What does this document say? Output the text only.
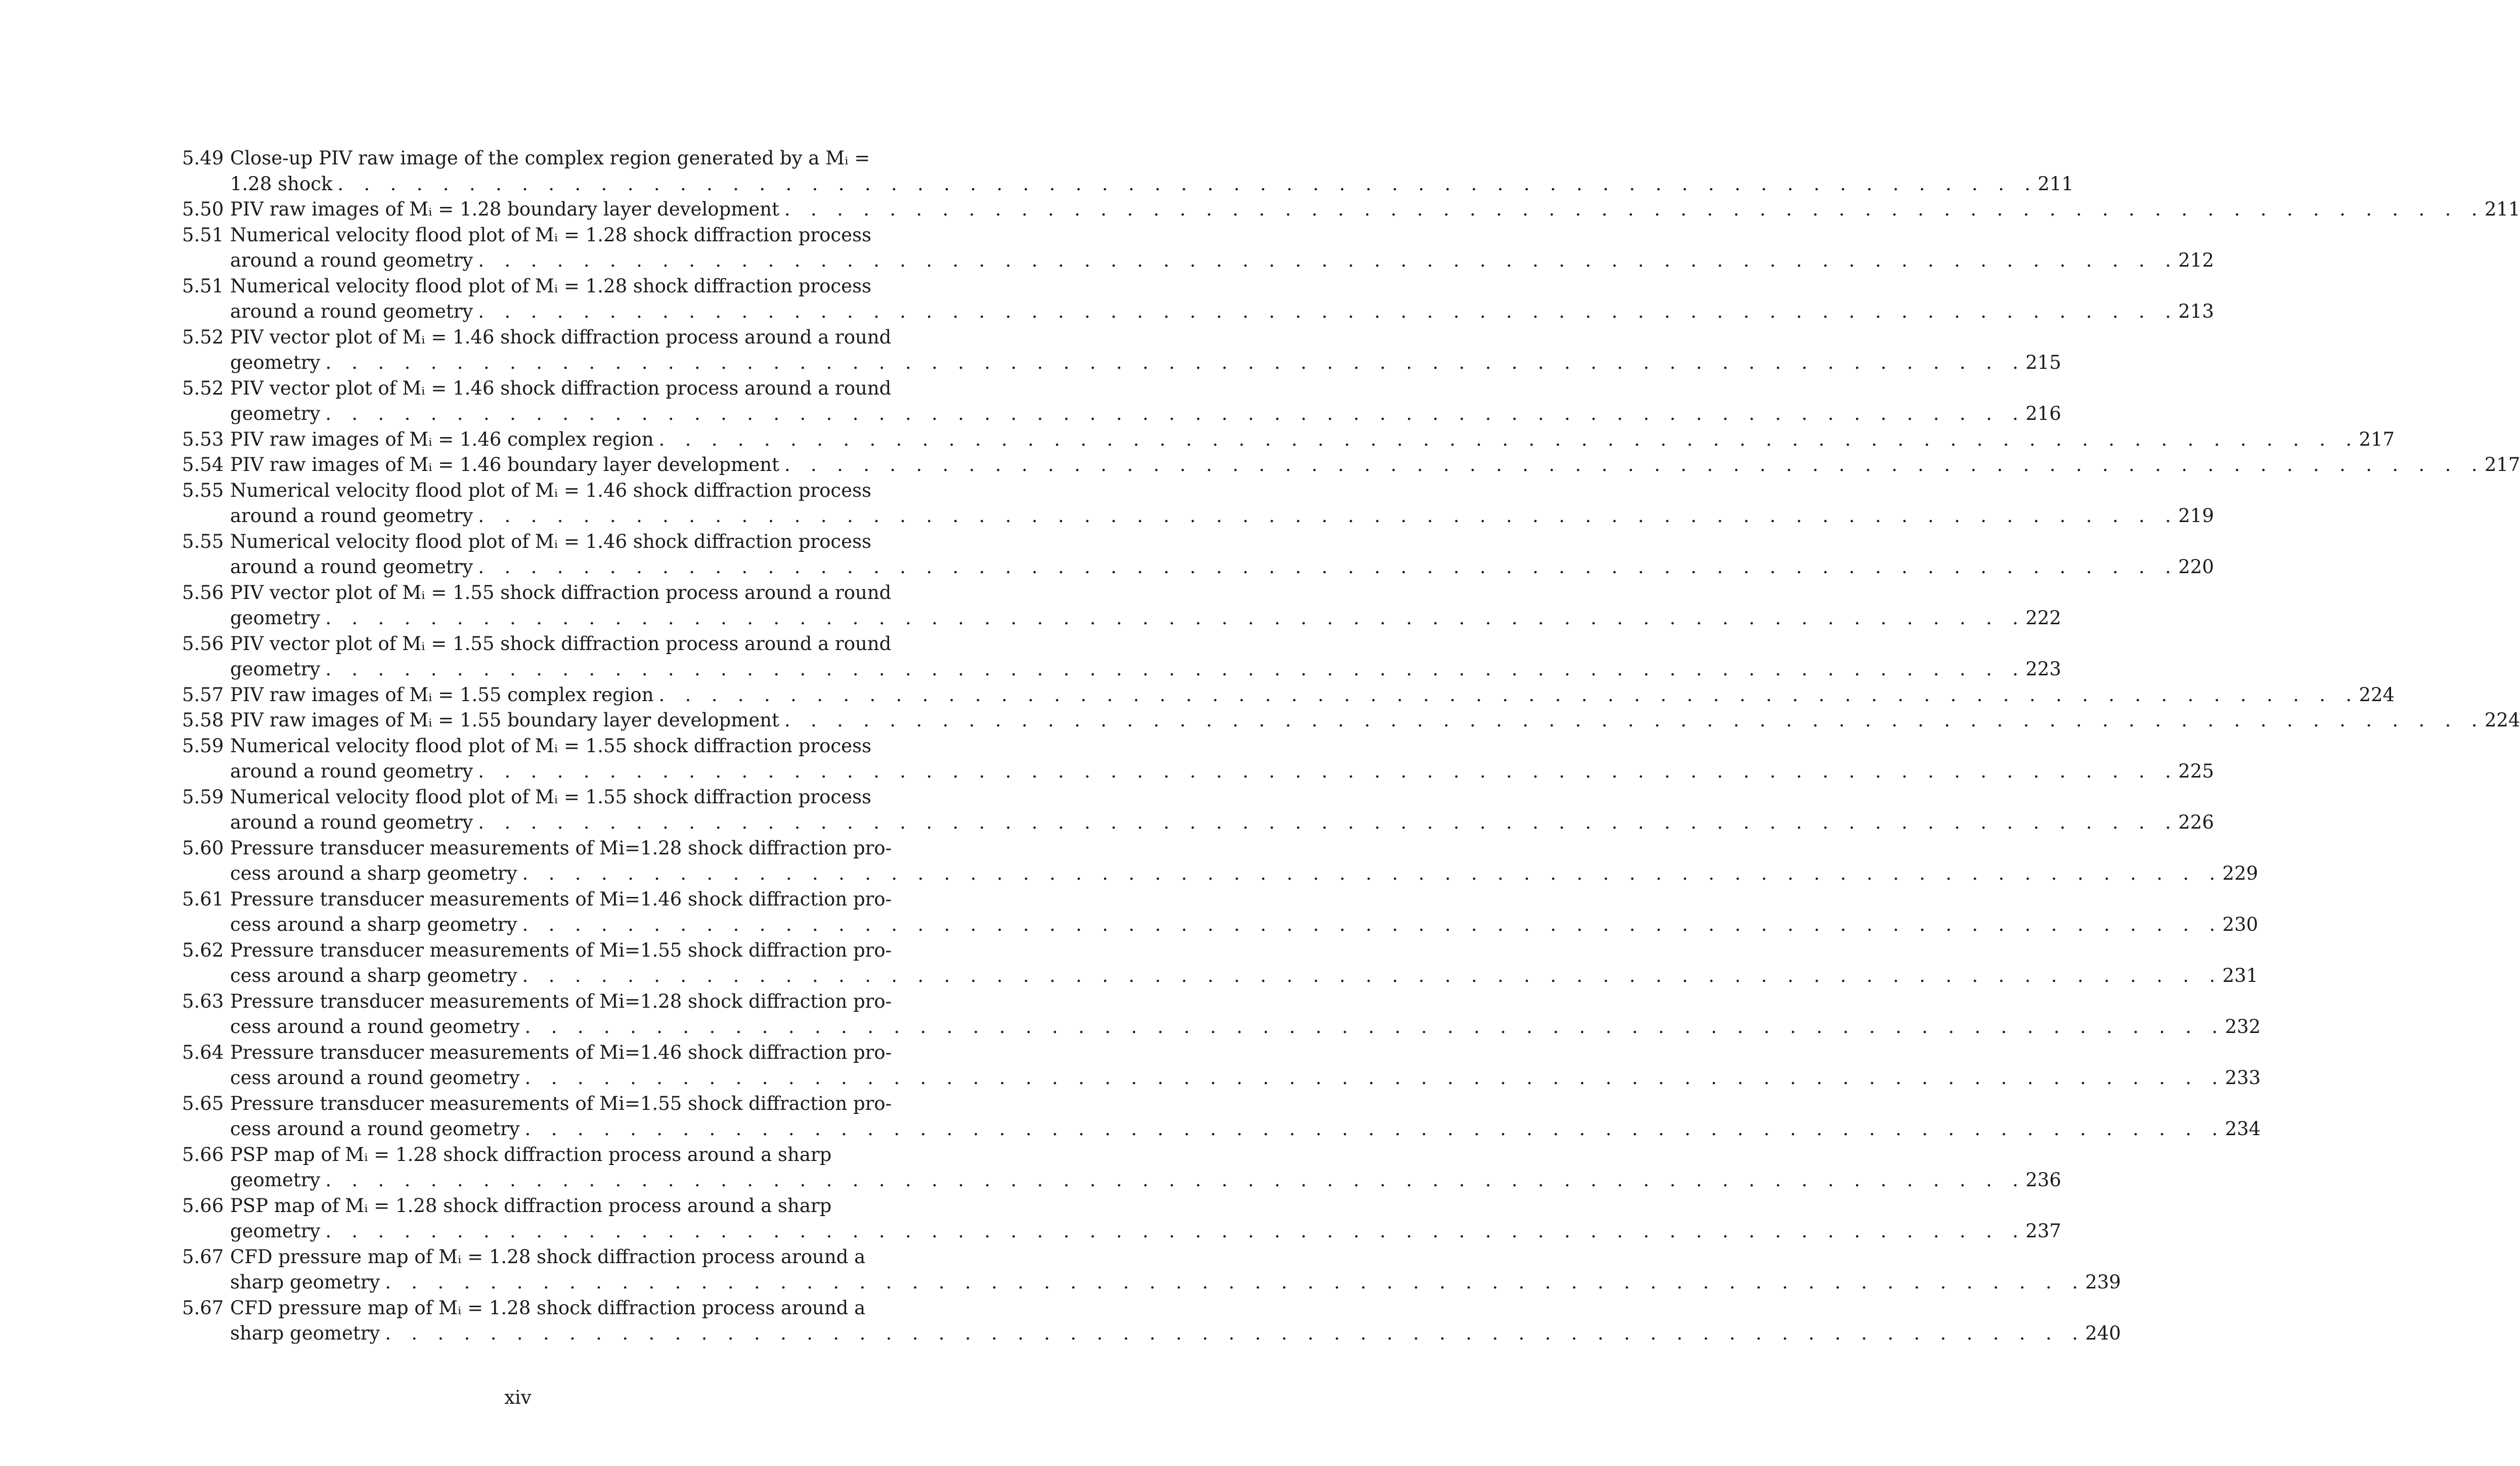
5.49 Close-up PIV raw image of the complex region generated by a Mᵢ =
1.28 shock . . . . . . . . . . . . . . . . . . . . . . . . . . . . . . . . . . . . . . . . . . . . . . . . . . . . . . . . . . . . . . . . . 211
5.50 PIV raw images of Mᵢ = 1.28 boundary layer development . . . . . . . . . . . . . . . . . . . . . . . . . . . . . . . . . . . . . . . . . . . . . . . . . . . . . . . . . . . . . . . . . 211
5.51 Numerical velocity flood plot of Mᵢ = 1.28 shock diffraction process
around a round geometry . . . . . . . . . . . . . . . . . . . . . . . . . . . . . . . . . . . . . . . . . . . . . . . . . . . . . . . . . . . . . . . . . 212
5.51 Numerical velocity flood plot of Mᵢ = 1.28 shock diffraction process
around a round geometry . . . . . . . . . . . . . . . . . . . . . . . . . . . . . . . . . . . . . . . . . . . . . . . . . . . . . . . . . . . . . . . . . 213
5.52 PIV vector plot of Mᵢ = 1.46 shock diffraction process around a round
geometry . . . . . . . . . . . . . . . . . . . . . . . . . . . . . . . . . . . . . . . . . . . . . . . . . . . . . . . . . . . . . . . . . 215
5.52 PIV vector plot of Mᵢ = 1.46 shock diffraction process around a round
geometry . . . . . . . . . . . . . . . . . . . . . . . . . . . . . . . . . . . . . . . . . . . . . . . . . . . . . . . . . . . . . . . . . 216
5.53 PIV raw images of Mᵢ = 1.46 complex region . . . . . . . . . . . . . . . . . . . . . . . . . . . . . . . . . . . . . . . . . . . . . . . . . . . . . . . . . . . . . . . . . 217
5.54 PIV raw images of Mᵢ = 1.46 boundary layer development . . . . . . . . . . . . . . . . . . . . . . . . . . . . . . . . . . . . . . . . . . . . . . . . . . . . . . . . . . . . . . . . . 217
5.55 Numerical velocity flood plot of Mᵢ = 1.46 shock diffraction process
around a round geometry . . . . . . . . . . . . . . . . . . . . . . . . . . . . . . . . . . . . . . . . . . . . . . . . . . . . . . . . . . . . . . . . . 219
5.55 Numerical velocity flood plot of Mᵢ = 1.46 shock diffraction process
around a round geometry . . . . . . . . . . . . . . . . . . . . . . . . . . . . . . . . . . . . . . . . . . . . . . . . . . . . . . . . . . . . . . . . . 220
5.56 PIV vector plot of Mᵢ = 1.55 shock diffraction process around a round
geometry . . . . . . . . . . . . . . . . . . . . . . . . . . . . . . . . . . . . . . . . . . . . . . . . . . . . . . . . . . . . . . . . . 222
5.56 PIV vector plot of Mᵢ = 1.55 shock diffraction process around a round
geometry . . . . . . . . . . . . . . . . . . . . . . . . . . . . . . . . . . . . . . . . . . . . . . . . . . . . . . . . . . . . . . . . . 223
5.57 PIV raw images of Mᵢ = 1.55 complex region . . . . . . . . . . . . . . . . . . . . . . . . . . . . . . . . . . . . . . . . . . . . . . . . . . . . . . . . . . . . . . . . . 224
5.58 PIV raw images of Mᵢ = 1.55 boundary layer development . . . . . . . . . . . . . . . . . . . . . . . . . . . . . . . . . . . . . . . . . . . . . . . . . . . . . . . . . . . . . . . . . 224
5.59 Numerical velocity flood plot of Mᵢ = 1.55 shock diffraction process
around a round geometry . . . . . . . . . . . . . . . . . . . . . . . . . . . . . . . . . . . . . . . . . . . . . . . . . . . . . . . . . . . . . . . . . 225
5.59 Numerical velocity flood plot of Mᵢ = 1.55 shock diffraction process
around a round geometry . . . . . . . . . . . . . . . . . . . . . . . . . . . . . . . . . . . . . . . . . . . . . . . . . . . . . . . . . . . . . . . . . 226
5.60 Pressure transducer measurements of Mi=1.28 shock diffraction pro-
cess around a sharp geometry . . . . . . . . . . . . . . . . . . . . . . . . . . . . . . . . . . . . . . . . . . . . . . . . . . . . . . . . . . . . . . . . . 229
5.61 Pressure transducer measurements of Mi=1.46 shock diffraction pro-
cess around a sharp geometry . . . . . . . . . . . . . . . . . . . . . . . . . . . . . . . . . . . . . . . . . . . . . . . . . . . . . . . . . . . . . . . . . 230
5.62 Pressure transducer measurements of Mi=1.55 shock diffraction pro-
cess around a sharp geometry . . . . . . . . . . . . . . . . . . . . . . . . . . . . . . . . . . . . . . . . . . . . . . . . . . . . . . . . . . . . . . . . . 231
5.63 Pressure transducer measurements of Mi=1.28 shock diffraction pro-
cess around a round geometry . . . . . . . . . . . . . . . . . . . . . . . . . . . . . . . . . . . . . . . . . . . . . . . . . . . . . . . . . . . . . . . . . 232
5.64 Pressure transducer measurements of Mi=1.46 shock diffraction pro-
cess around a round geometry . . . . . . . . . . . . . . . . . . . . . . . . . . . . . . . . . . . . . . . . . . . . . . . . . . . . . . . . . . . . . . . . . 233
5.65 Pressure transducer measurements of Mi=1.55 shock diffraction pro-
cess around a round geometry . . . . . . . . . . . . . . . . . . . . . . . . . . . . . . . . . . . . . . . . . . . . . . . . . . . . . . . . . . . . . . . . . 234
5.66 PSP map of Mᵢ = 1.28 shock diffraction process around a sharp
geometry . . . . . . . . . . . . . . . . . . . . . . . . . . . . . . . . . . . . . . . . . . . . . . . . . . . . . . . . . . . . . . . . . 236
5.66 PSP map of Mᵢ = 1.28 shock diffraction process around a sharp
geometry . . . . . . . . . . . . . . . . . . . . . . . . . . . . . . . . . . . . . . . . . . . . . . . . . . . . . . . . . . . . . . . . . 237
5.67 CFD pressure map of Mᵢ = 1.28 shock diffraction process around a
sharp geometry . . . . . . . . . . . . . . . . . . . . . . . . . . . . . . . . . . . . . . . . . . . . . . . . . . . . . . . . . . . . . . . . . 239
5.67 CFD pressure map of Mᵢ = 1.28 shock diffraction process around a
sharp geometry . . . . . . . . . . . . . . . . . . . . . . . . . . . . . . . . . . . . . . . . . . . . . . . . . . . . . . . . . . . . . . . . . 240
xiv
